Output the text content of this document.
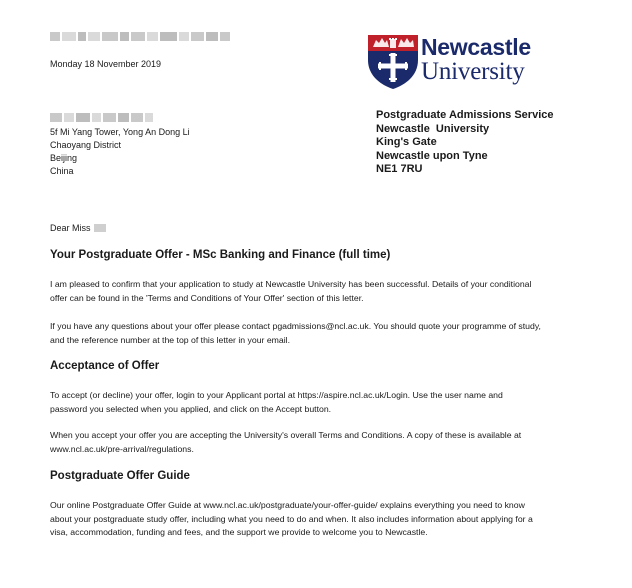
Monday 18 November 2019
Newcastle
University
5f Mi Yang Tower, Yong An Dong Li
Chaoyang District
Beijing
China
Postgraduate Admissions Service
Newcastle  University
King's Gate
Newcastle upon Tyne
NE1 7RU
Dear Miss
Your Postgraduate Offer - MSc Banking and Finance (full time)
I am pleased to confirm that your application to study at Newcastle University has been successful. Details of your conditional
offer can be found in the 'Terms and Conditions of Your Offer' section of this letter.
If you have any questions about your offer please contact pgadmissions@ncl.ac.uk. You should quote your programme of study,
and the reference number at the top of this letter in your email.
Acceptance of Offer
To accept (or decline) your offer, login to your Applicant portal at https://aspire.ncl.ac.uk/Login. Use the user name and
password you selected when you applied, and click on the Accept button.
When you accept your offer you are accepting the University's overall Terms and Conditions. A copy of these is available at
www.ncl.ac.uk/pre-arrival/regulations.
Postgraduate Offer Guide
Our online Postgraduate Offer Guide at www.ncl.ac.uk/postgraduate/your-offer-guide/ explains everything you need to know
about your postgraduate study offer, including what you need to do and when. It also includes information about applying for a
visa, accommodation, funding and fees, and the support we provide to welcome you to Newcastle.
